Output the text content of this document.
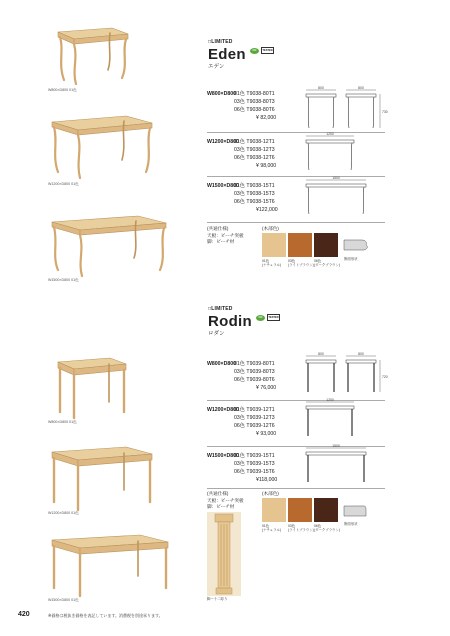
W800×D800 01色
W1200×D800 01色
W1500×D800 01色
□LIMITED
Eden
エデン
CO	TESTED
W800×D800
01色 T9038-80T1
03色 T9038-80T3
06色 T9038-80T6
¥ 82,000
800	800
730
W1200×D800
01色 T9038-12T1
03色 T9038-12T3
06色 T9038-12T6
¥ 98,000
1200
W1500×D800
01色 T9038-15T1
03色 T9038-15T3
06色 T9038-15T6
¥122,000
1500
(共通仕様)
天板：ビーチ突板
脚：ビーチ材
(木部色)
01色
(ナチュラル)
03色
(ライトブラウン)
06色
(ダークブラウン)
断面形状
W800×D800 01色
W1200×D800 01色
W1500×D800 01色
□LIMITED
Rodin
ロダン
CO	TESTED
W800×D800
01色 T9039-80T1
03色 T9039-80T3
06色 T9039-80T6
¥ 76,000
800	800
720
W1200×D800
01色 T9039-12T1
03色 T9039-12T3
06色 T9039-12T6
¥ 93,000
1200
W1500×D800
01色 T9039-15T1
03色 T9039-15T3
06色 T9039-15T6
¥118,000
1500
(共通仕様)
天板：ビーチ突板
脚：ビーチ材
脚ー十二彫り
(木部色)
01色
(ナチュラル)
03色
(ライトブラウン)
06色
(ダークブラウン)
断面形状
420	※価格は税抜き価格を表記しています。消費税を別途承ります。
